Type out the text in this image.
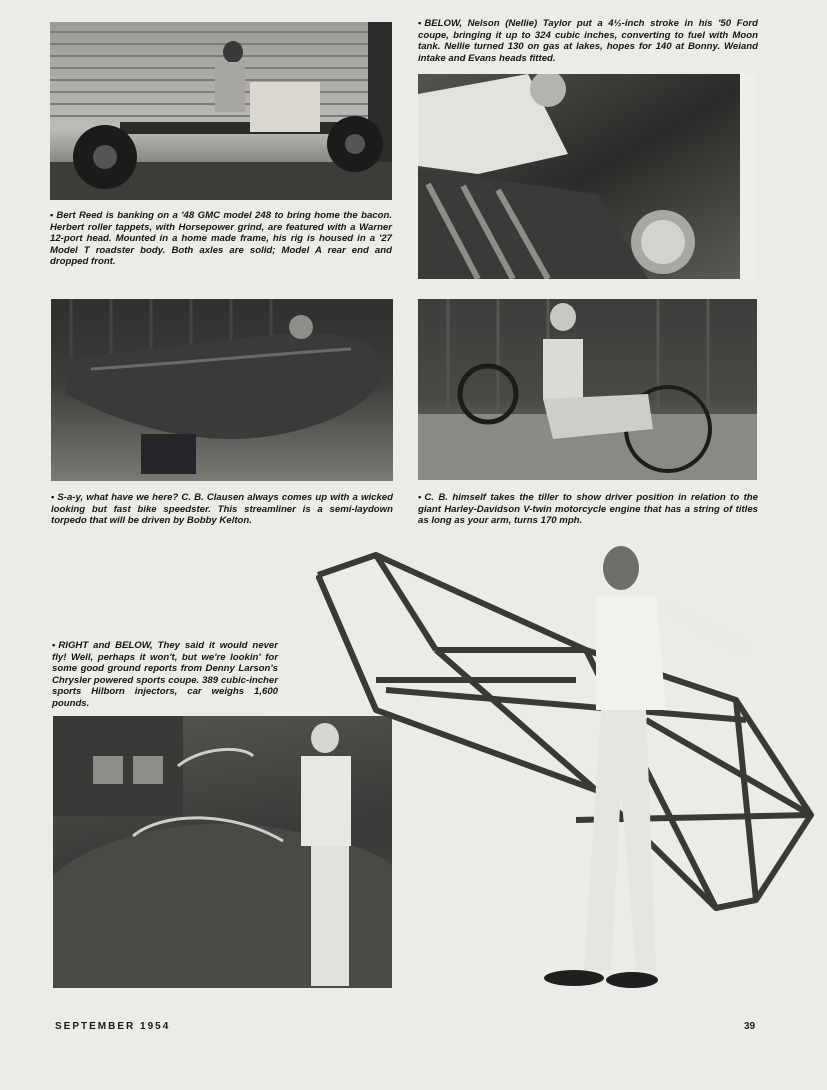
• Bert Reed is banking on a '48 GMC model 248 to bring home the bacon. Herbert roller tappets, with Horsepower grind, are featured with a Warner 12-port head. Mounted in a home made frame, his rig is housed in a '27 Model T roadster body. Both axles are solid; Model A rear end and dropped front.

• BELOW, Nelson (Nellie) Taylor put a 4½-inch stroke in his '50 Ford coupe, bringing it up to 324 cubic inches, converting to fuel with Moon tank. Nellie turned 130 on gas at lakes, hopes for 140 at Bonny. Weiand intake and Evans heads fitted.

• S-a-y, what have we here? C. B. Clausen always comes up with a wicked looking but fast bike speedster. This streamliner is a semi-laydown torpedo that will be driven by Bobby Kelton.

• C. B. himself takes the tiller to show driver position in relation to the giant Harley-Davidson V-twin motorcycle engine that has a string of titles as long as your arm, turns 170 mph.

• RIGHT and BELOW, They said it would never fly! Well, perhaps it won't, but we're lookin' for some good ground reports from Denny Larson's Chrysler powered sports coupe. 389 cubic-incher sports Hilborn injectors, car weighs 1,600 pounds.

SEPTEMBER 1954	39
